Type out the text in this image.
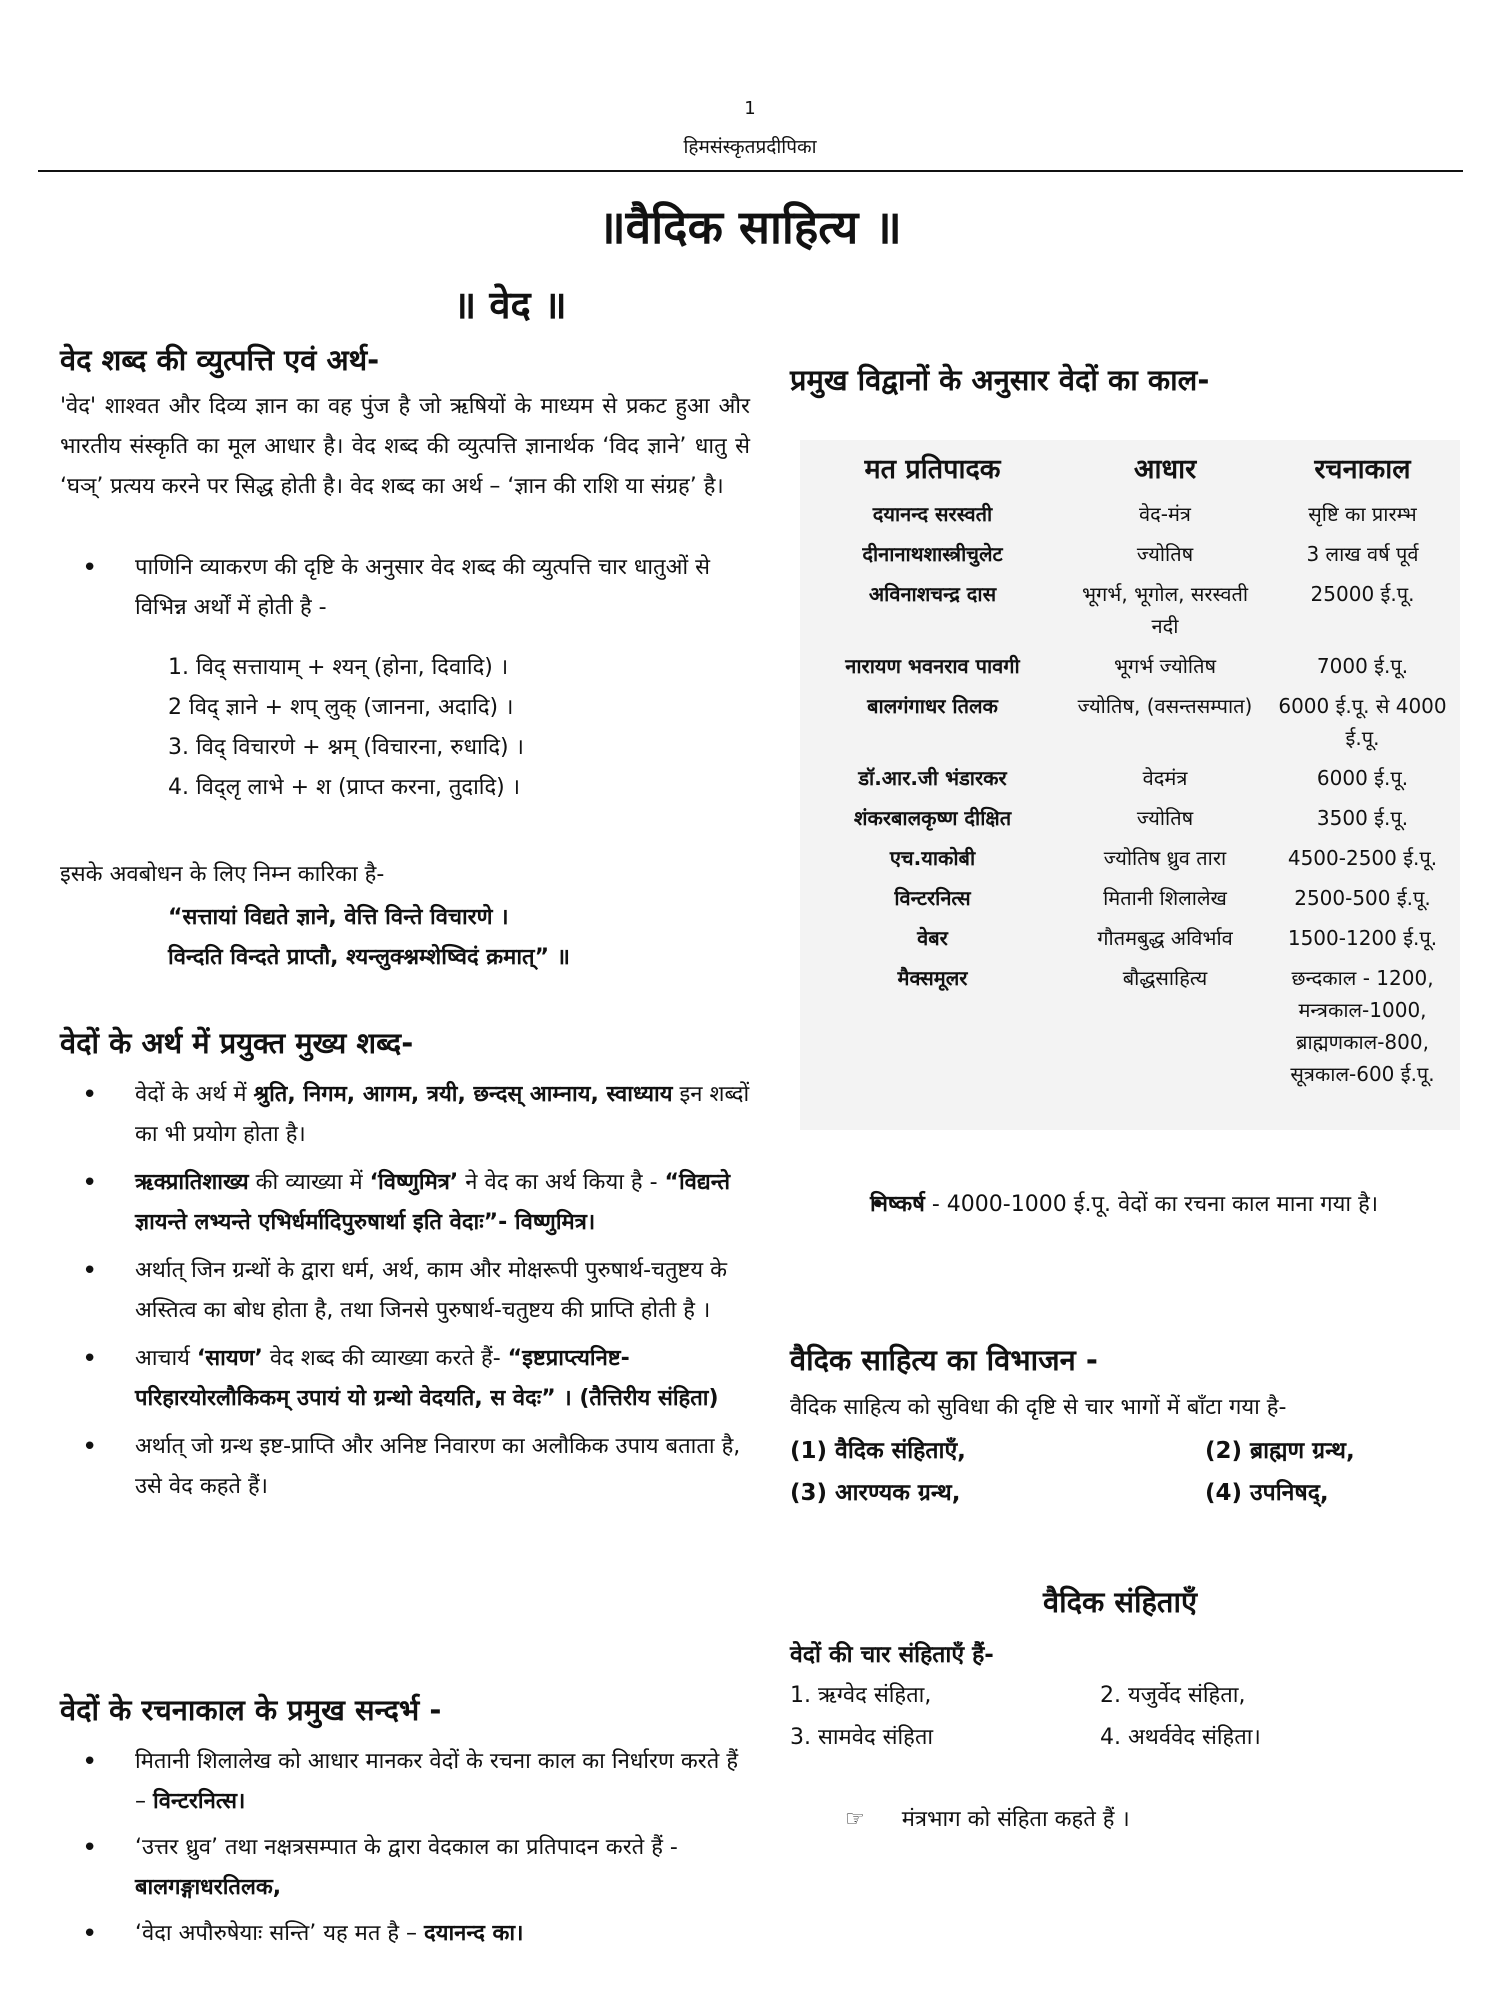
1
हिमसंस्कृतप्रदीपिका
॥वैदिक साहित्य ॥
॥ वेद ॥
वेद शब्द की व्युत्पत्ति एवं अर्थ-
'वेद' शाश्वत और दिव्य ज्ञान का वह पुंज है जो ऋषियों के माध्यम से प्रकट हुआ और भारतीय संस्कृति का मूल आधार है। वेद शब्द की व्युत्पत्ति ज्ञानार्थक ‘विद ज्ञाने’ धातु से ‘घञ्’ प्रत्यय करने पर सिद्ध होती है। वेद शब्द का अर्थ – ‘ज्ञान की राशि या संग्रह’ है।
• पाणिनि व्याकरण की दृष्टि के अनुसार वेद शब्द की व्युत्पत्ति चार धातुओं से विभिन्न अर्थों में होती है -
1. विद् सत्तायाम् + श्यन् (होना, दिवादि) ।
2 विद् ज्ञाने + शप् लुक् (जानना, अदादि) ।
3. विद् विचारणे + श्नम् (विचारना, रुधादि) ।
4. विद्लृ लाभे + श (प्राप्त करना, तुदादि) ।
इसके अवबोधन के लिए निम्न कारिका है-
“सत्तायां विद्यते ज्ञाने, वेत्ति विन्ते विचारणे ।
विन्दति विन्दते प्राप्तौ, श्यन्लुक्श्नम्शेष्विदं क्रमात्” ॥
वेदों के अर्थ में प्रयुक्त मुख्य शब्द-
• वेदों के अर्थ में श्रुति, निगम, आगम, त्रयी, छन्दस् आम्नाय, स्वाध्याय इन शब्दों का भी प्रयोग होता है।
• ऋक्प्रातिशाख्य की व्याख्या में ‘विष्णुमित्र’ ने वेद का अर्थ किया है - “विद्यन्ते ज्ञायन्ते लभ्यन्ते एभिर्धर्मादिपुरुषार्था इति वेदाः”- विष्णुमित्र।
• अर्थात् जिन ग्रन्थों के द्वारा धर्म, अर्थ, काम और मोक्षरूपी पुरुषार्थ-चतुष्टय के अस्तित्व का बोध होता है, तथा जिनसे पुरुषार्थ-चतुष्टय की प्राप्ति होती है ।
• आचार्य ‘सायण’ वेद शब्द की व्याख्या करते हैं- “इष्टप्राप्त्यनिष्ट-परिहारयोरलौकिकम् उपायं यो ग्रन्थो वेदयति, स वेदः” । (तैत्तिरीय संहिता)
• अर्थात् जो ग्रन्थ इष्ट-प्राप्ति और अनिष्ट निवारण का अलौकिक उपाय बताता है, उसे वेद कहते हैं।
वेदों के रचनाकाल के प्रमुख सन्दर्भ -
• मितानी शिलालेख को आधार मानकर वेदों के रचना काल का निर्धारण करते हैं – विन्टरनित्स।
• ‘उत्तर ध्रुव’ तथा नक्षत्रसम्पात के द्वारा वेदकाल का प्रतिपादन करते हैं - बालगङ्गाधरतिलक,
• ‘वेदा अपौरुषेयाः सन्ति’ यह मत है – दयानन्द का।
प्रमुख विद्वानों के अनुसार वेदों का काल-
मत प्रतिपादक	आधार	रचनाकाल
दयानन्द सरस्वती	वेद-मंत्र	सृष्टि का प्रारम्भ
दीनानाथशास्त्रीचुलेट	ज्योतिष	3 लाख वर्ष पूर्व
अविनाशचन्द्र दास	भूगर्भ, भूगोल, सरस्वती नदी	25000 ई.पू.
नारायण भवनराव पावगी	भूगर्भ ज्योतिष	7000 ई.पू.
बालगंगाधर तिलक	ज्योतिष, (वसन्तसम्पात)	6000 ई.पू. से 4000 ई.पू.
डॉ.आर.जी भंडारकर	वेदमंत्र	6000 ई.पू.
शंकरबालकृष्ण दीक्षित	ज्योतिष	3500 ई.पू.
एच.याकोबी	ज्योतिष ध्रुव तारा	4500-2500 ई.पू.
विन्टरनित्स	मितानी शिलालेख	2500-500 ई.पू.
वेबर	गौतमबुद्ध अविर्भाव	1500-1200 ई.पू.
मैक्समूलर	बौद्धसाहित्य	छन्दकाल - 1200, मन्त्रकाल-1000, ब्राह्मणकाल-800, सूत्रकाल-600 ई.पू.
• निष्कर्ष - 4000-1000 ई.पू. वेदों का रचना काल माना गया है।
वैदिक साहित्य का विभाजन -
वैदिक साहित्य को सुविधा की दृष्टि से चार भागों में बाँटा गया है-
(1) वैदिक संहिताएँ,	(2) ब्राह्मण ग्रन्थ,
(3) आरण्यक ग्रन्थ,	(4) उपनिषद्,
वैदिक संहिताएँ
वेदों की चार संहिताएँ हैं-
1. ऋग्वेद संहिता,	2. यजुर्वेद संहिता,
3. सामवेद संहिता	4. अथर्ववेद संहिता।
☞ मंत्रभाग को संहिता कहते हैं ।
